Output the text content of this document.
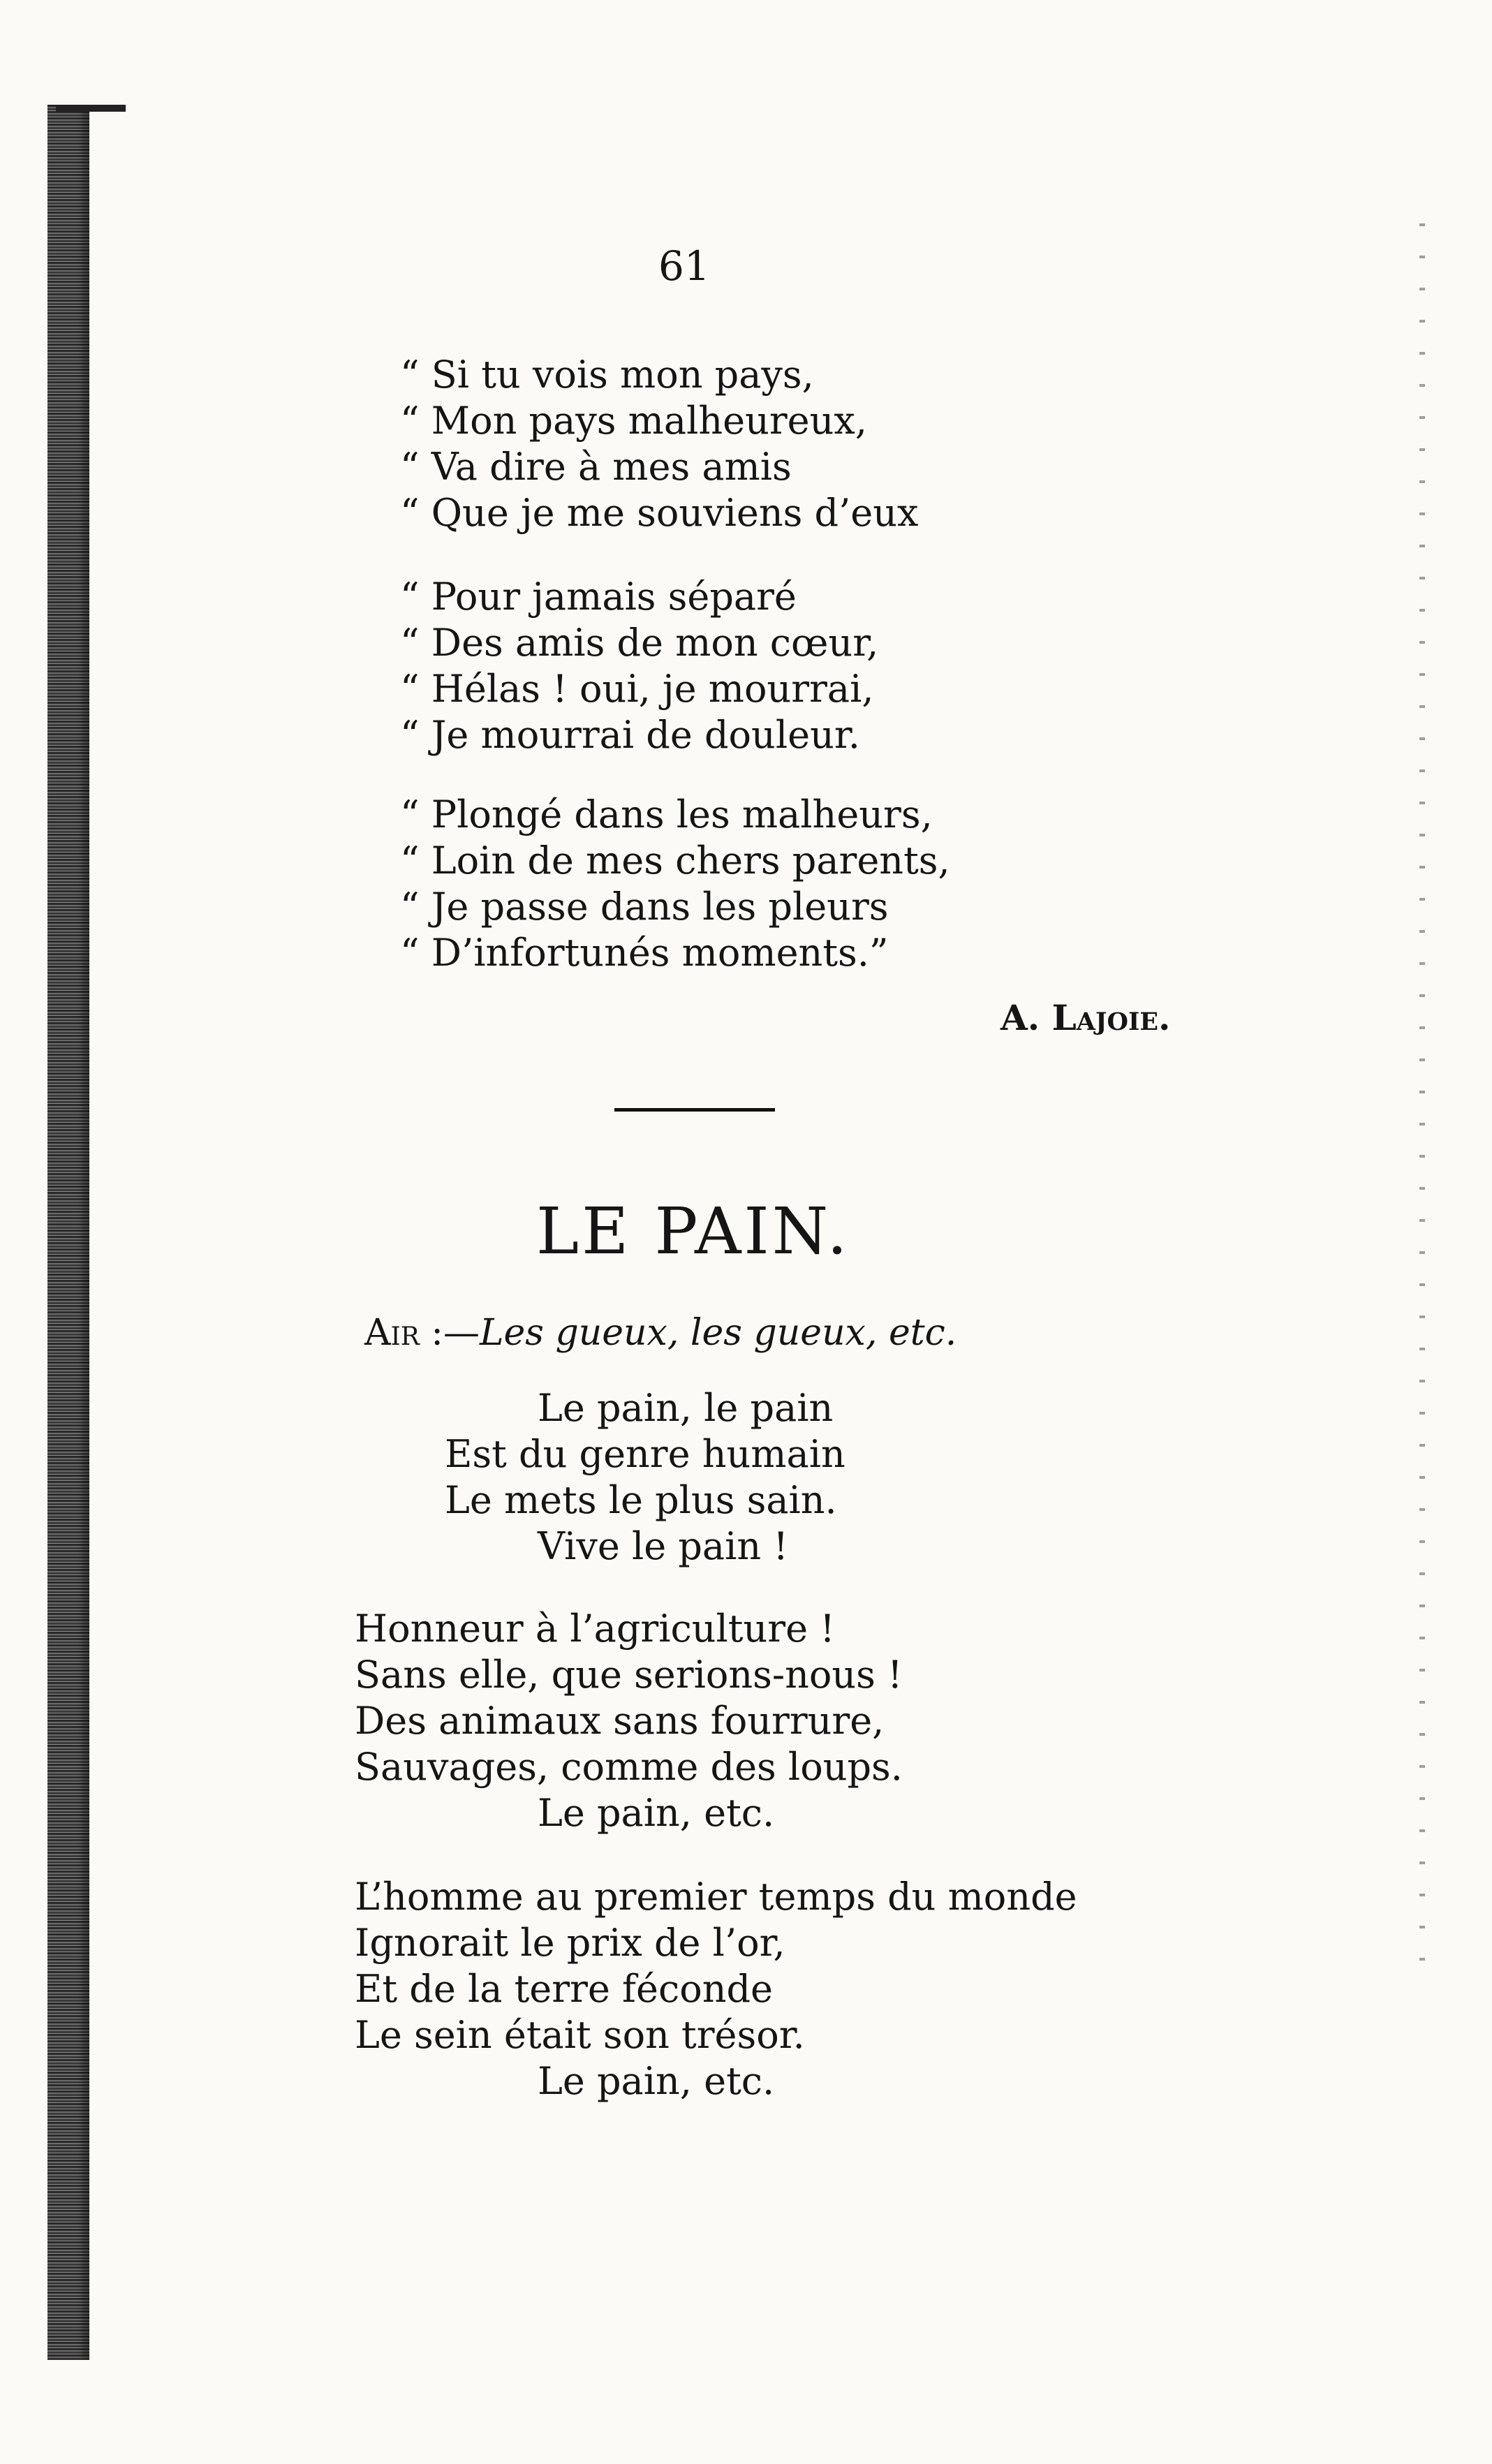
61
“ Si tu vois mon pays,
“ Mon pays malheureux,
“ Va dire à mes amis
“ Que je me souviens d’eux
“ Pour jamais séparé
“ Des amis de mon cœur,
“ Hélas ! oui, je mourrai,
“ Je mourrai de douleur.
“ Plongé dans les malheurs,
“ Loin de mes chers parents,
“ Je passe dans les pleurs
“ D’infortunés moments.”
A. Lajoie.
LE PAIN.
Air :—Les gueux, les gueux, etc.
Le pain, le pain
Est du genre humain
Le mets le plus sain.
Vive le pain !
Honneur à l’agriculture !
Sans elle, que serions-nous !
Des animaux sans fourrure,
Sauvages, comme des loups.
Le pain, etc.
L’homme au premier temps du monde
Ignorait le prix de l’or,
Et de la terre féconde
Le sein était son trésor.
Le pain, etc.
